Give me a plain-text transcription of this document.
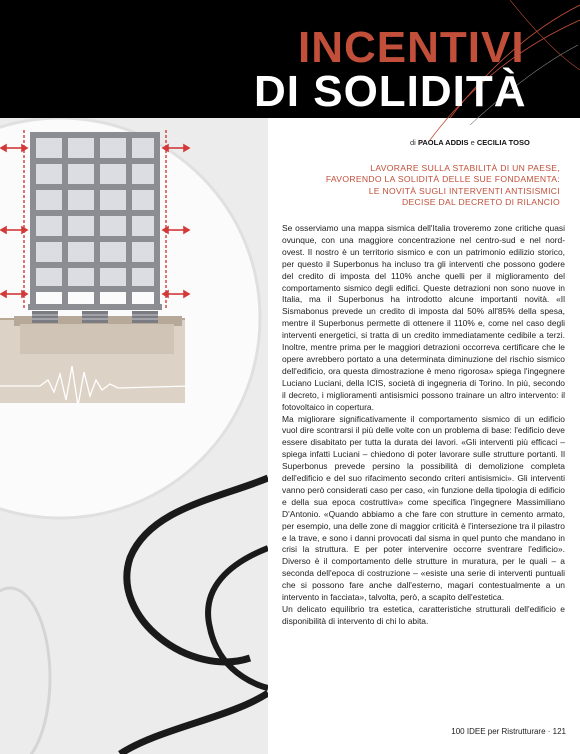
INCENTIVI
DI SOLIDITÀ
di PAOLA ADDIS e CECILIA TOSO
LAVORARE SULLA STABILITÀ DI UN PAESE,
FAVORENDO LA SOLIDITÀ DELLE SUE FONDAMENTA:
LE NOVITÀ SUGLI INTERVENTI ANTISISMICI
DECISE DAL DECRETO DI RILANCIO

Se osserviamo una mappa sismica dell'Italia troveremo zone critiche quasi ovunque, con una maggiore concentrazione nel centro-sud e nel nord-ovest. Il nostro è un territorio sismico e con un patrimonio edilizio storico, per questo il Superbonus ha incluso tra gli interventi che possono godere del credito di imposta del 110% anche quelli per il miglioramento del comportamento sismico degli edifici. Queste detrazioni non sono nuove in Italia, ma il Superbonus ha introdotto alcune importanti novità. «Il Sismabonus prevede un credito di imposta dal 50% all'85% della spesa, mentre il Superbonus permette di ottenere il 110% e, come nel caso degli interventi energetici, si tratta di un credito immediatamente cedibile a terzi. Inoltre, mentre prima per le maggiori detrazioni occorreva certificare che le opere avrebbero portato a una determinata diminuzione del rischio sismico dell'edificio, ora questa dimostrazione è meno rigorosa» spiega l'ingegnere Luciano Luciani, della ICIS, società di ingegneria di Torino. In più, secondo il decreto, i miglioramenti antisismici possono trainare un altro intervento: il fotovoltaico in copertura.

Ma migliorare significativamente il comportamento sismico di un edificio vuol dire scontrarsi il più delle volte con un problema di base: l'edificio deve essere disabitato per tutta la durata dei lavori. «Gli interventi più efficaci – spiega infatti Luciani – chiedono di poter lavorare sulle strutture portanti. Il Superbonus prevede persino la possibilità di demolizione completa dell'edificio e del suo rifacimento secondo criteri antisismici». Gli interventi vanno però considerati caso per caso, «in funzione della tipologia di edificio e della sua epoca costruttiva» come specifica l'ingegnere Massimiliano D'Antonio. «Quando abbiamo a che fare con strutture in cemento armato, per esempio, una delle zone di maggior criticità è l'intersezione tra il pilastro e la trave, e sono i danni provocati dal sisma in quel punto che mandano in crisi la struttura. E per poter intervenire occorre sventrare l'edificio». Diverso è il comportamento delle strutture in muratura, per le quali – a seconda dell'epoca di costruzione – «esiste una serie di interventi puntuali che si possono fare anche dall'esterno, magari contestualmente a un intervento in facciata», talvolta, però, a scapito dell'estetica.

Un delicato equilibrio tra estetica, caratteristiche strutturali dell'edificio e disponibilità di intervento di chi lo abita.

100 IDEE per Ristrutturare · 121
